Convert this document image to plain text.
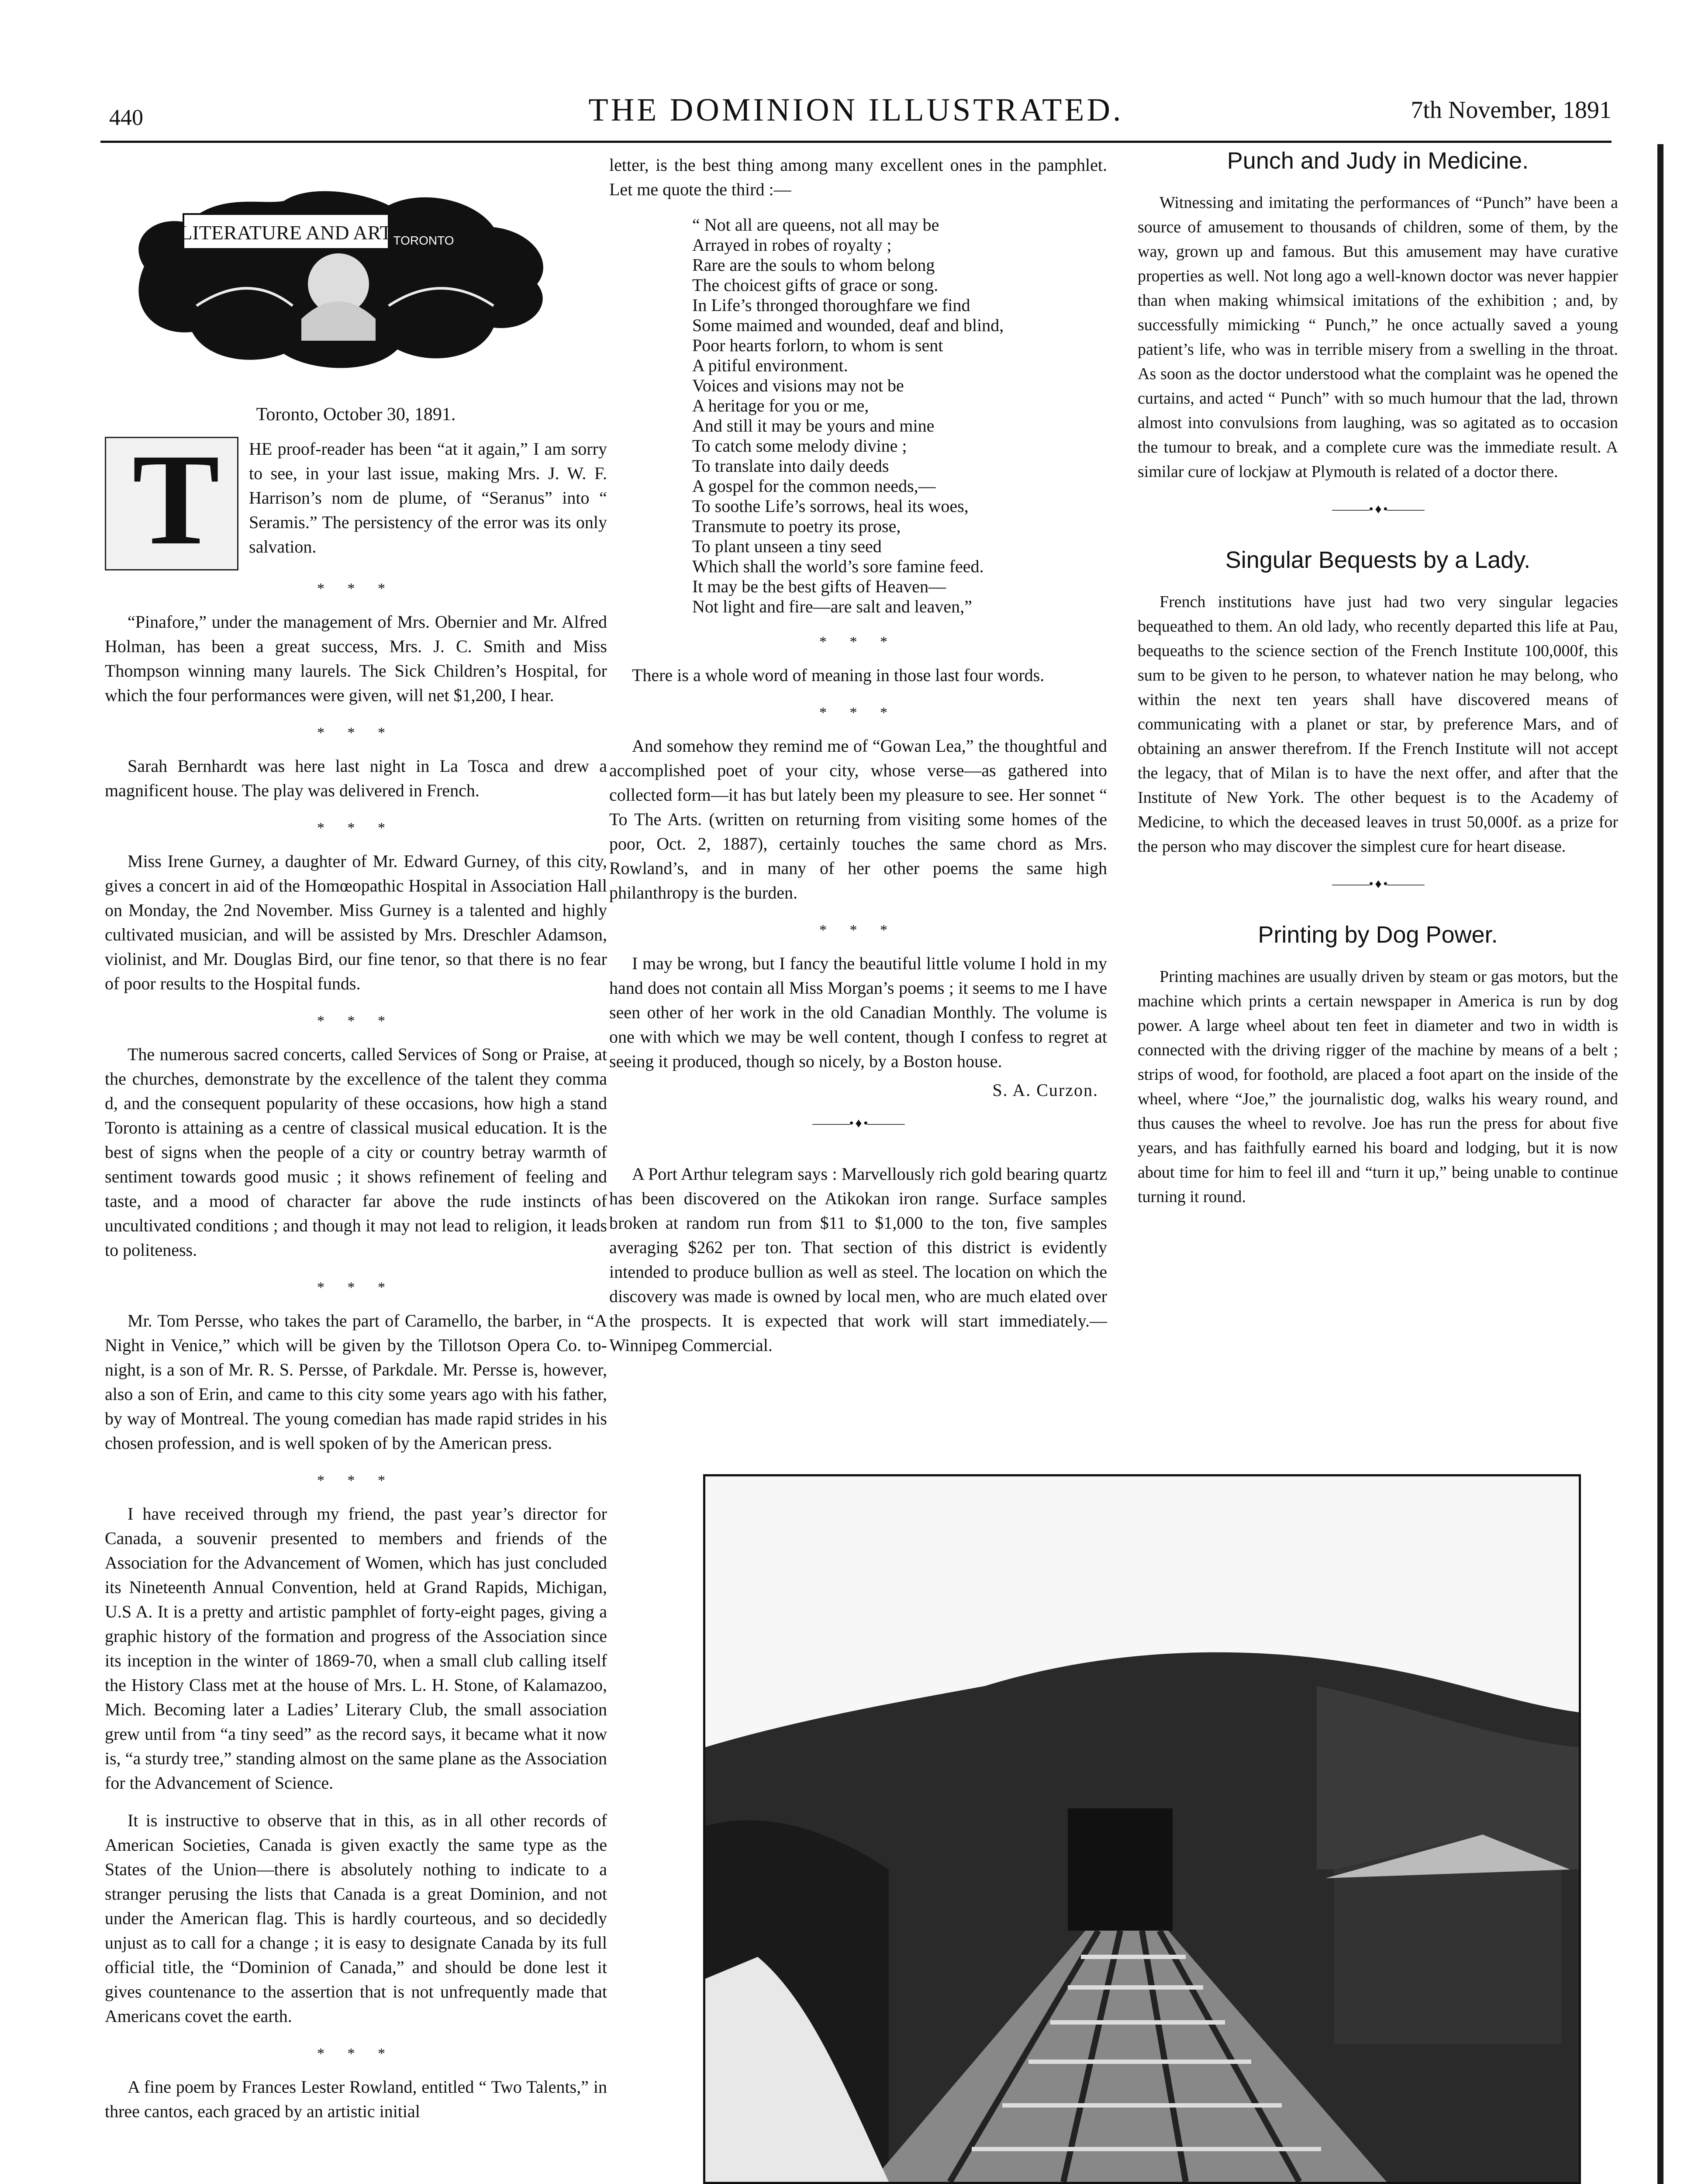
440	THE DOMINION ILLUSTRATED.	7th November, 1891
LITERATURE AND ART TORONTO
Toronto, October 30, 1891.
T HE proof-reader has been “at it again,” I am sorry to see, in your last issue, making Mrs. J. W. F. Harrison’s nom de plume, of “Seranus” into “ Seramis.” The persistency of the error was its only salvation.

* * *

“Pinafore,” under the management of Mrs. Obernier and Mr. Alfred Holman, has been a great success, Mrs. J. C. Smith and Miss Thompson winning many laurels. The Sick Children’s Hospital, for which the four performances were given, will net $1,200, I hear.

* * *

Sarah Bernhardt was here last night in La Tosca and drew a magnificent house. The play was delivered in French.

* * *

Miss Irene Gurney, a daughter of Mr. Edward Gurney, of this city, gives a concert in aid of the Homœopathic Hospital in Association Hall on Monday, the 2nd November. Miss Gurney is a talented and highly cultivated musician, and will be assisted by Mrs. Dreschler Adamson, violinist, and Mr. Douglas Bird, our fine tenor, so that there is no fear of poor results to the Hospital funds.

* * *

The numerous sacred concerts, called Services of Song or Praise, at the churches, demonstrate by the excellence of the talent they comma d, and the consequent popularity of these occasions, how high a stand Toronto is attaining as a centre of classical musical education. It is the best of signs when the people of a city or country betray warmth of sentiment towards good music ; it shows refinement of feeling and taste, and a mood of character far above the rude instincts of uncultivated conditions ; and though it may not lead to religion, it leads to politeness.

* * *

Mr. Tom Persse, who takes the part of Caramello, the barber, in “A Night in Venice,” which will be given by the Tillotson Opera Co. to-night, is a son of Mr. R. S. Persse, of Parkdale. Mr. Persse is, however, also a son of Erin, and came to this city some years ago with his father, by way of Montreal. The young comedian has made rapid strides in his chosen profession, and is well spoken of by the American press.

* * *

I have received through my friend, the past year’s director for Canada, a souvenir presented to members and friends of the Association for the Advancement of Women, which has just concluded its Nineteenth Annual Convention, held at Grand Rapids, Michigan, U.S A. It is a pretty and artistic pamphlet of forty-eight pages, giving a graphic history of the formation and progress of the Association since its inception in the winter of 1869-70, when a small club calling itself the History Class met at the house of Mrs. L. H. Stone, of Kalamazoo, Mich. Becoming later a Ladies’ Literary Club, the small association grew until from “a tiny seed” as the record says, it became what it now is, “a sturdy tree,” standing almost on the same plane as the Association for the Advancement of Science.

It is instructive to observe that in this, as in all other records of American Societies, Canada is given exactly the same type as the States of the Union—there is absolutely nothing to indicate to a stranger perusing the lists that Canada is a great Dominion, and not under the American flag. This is hardly courteous, and so decidedly unjust as to call for a change ; it is easy to designate Canada by its full official title, the “Dominion of Canada,” and should be done lest it gives countenance to the assertion that is not unfrequently made that Americans covet the earth.

* * *

A fine poem by Frances Lester Rowland, entitled “ Two Talents,” in three cantos, each graced by an artistic initial

letter, is the best thing among many excellent ones in the pamphlet. Let me quote the third :—

“ Not all are queens, not all may be
Arrayed in robes of royalty ;
Rare are the souls to whom belong
The choicest gifts of grace or song.
In Life’s thronged thoroughfare we find
Some maimed and wounded, deaf and blind,
Poor hearts forlorn, to whom is sent
A pitiful environment.
Voices and visions may not be
A heritage for you or me,
And still it may be yours and mine
To catch some melody divine ;
To translate into daily deeds
A gospel for the common needs,—
To soothe Life’s sorrows, heal its woes,
Transmute to poetry its prose,
To plant unseen a tiny seed
Which shall the world’s sore famine feed.
It may be the best gifts of Heaven—
Not light and fire—are salt and leaven,”
* * *

There is a whole word of meaning in those last four words.

* * *

And somehow they remind me of “Gowan Lea,” the thoughtful and accomplished poet of your city, whose verse—as gathered into collected form—it has but lately been my pleasure to see. Her sonnet “ To The Arts. (written on returning from visiting some homes of the poor, Oct. 2, 1887), certainly touches the same chord as Mrs. Rowland’s, and in many of her other poems the same high philanthropy is the burden.

* * *

I may be wrong, but I fancy the beautiful little volume I hold in my hand does not contain all Miss Morgan’s poems ; it seems to me I have seen other of her work in the old Canadian Monthly. The volume is one with which we may be well content, though I confess to regret at seeing it produced, though so nicely, by a Boston house.

S. A. Curzon.
———• ♦ •———

A Port Arthur telegram says : Marvellously rich gold bearing quartz has been discovered on the Atikokan iron range. Surface samples broken at random run from $11 to $1,000 to the ton, five samples averaging $262 per ton. That section of this district is evidently intended to produce bullion as well as steel. The location on which the discovery was made is owned by local men, who are much elated over the prospects. It is expected that work will start immediately.—Winnipeg Commercial.

Punch and Judy in Medicine.

Witnessing and imitating the performances of “Punch” have been a source of amusement to thousands of children, some of them, by the way, grown up and famous. But this amusement may have curative properties as well. Not long ago a well-known doctor was never happier than when making whimsical imitations of the exhibition ; and, by successfully mimicking “ Punch,” he once actually saved a young patient’s life, who was in terrible misery from a swelling in the throat. As soon as the doctor understood what the complaint was he opened the curtains, and acted “ Punch” with so much humour that the lad, thrown almost into convulsions from laughing, was so agitated as to occasion the tumour to break, and a complete cure was the immediate result. A similar cure of lockjaw at Plymouth is related of a doctor there.

———• ♦ •———
Singular Bequests by a Lady.

French institutions have just had two very singular legacies bequeathed to them. An old lady, who recently departed this life at Pau, bequeaths to the science section of the French Institute 100,000f, this sum to be given to he person, to whatever nation he may belong, who within the next ten years shall have discovered means of communicating with a planet or star, by preference Mars, and of obtaining an answer therefrom. If the French Institute will not accept the legacy, that of Milan is to have the next offer, and after that the Institute of New York. The other bequest is to the Academy of Medicine, to which the deceased leaves in trust 50,000f. as a prize for the person who may discover the simplest cure for heart disease.

———• ♦ •———
Printing by Dog Power.

Printing machines are usually driven by steam or gas motors, but the machine which prints a certain newspaper in America is run by dog power. A large wheel about ten feet in diameter and two in width is connected with the driving rigger of the machine by means of a belt ; strips of wood, for foothold, are placed a foot apart on the inside of the wheel, where “Joe,” the journalistic dog, walks his weary round, and thus causes the wheel to revolve. Joe has run the press for about five years, and has faithfully earned his board and lodging, but it is now about time for him to feel ill and “turn it up,” being unable to continue turning it round.
